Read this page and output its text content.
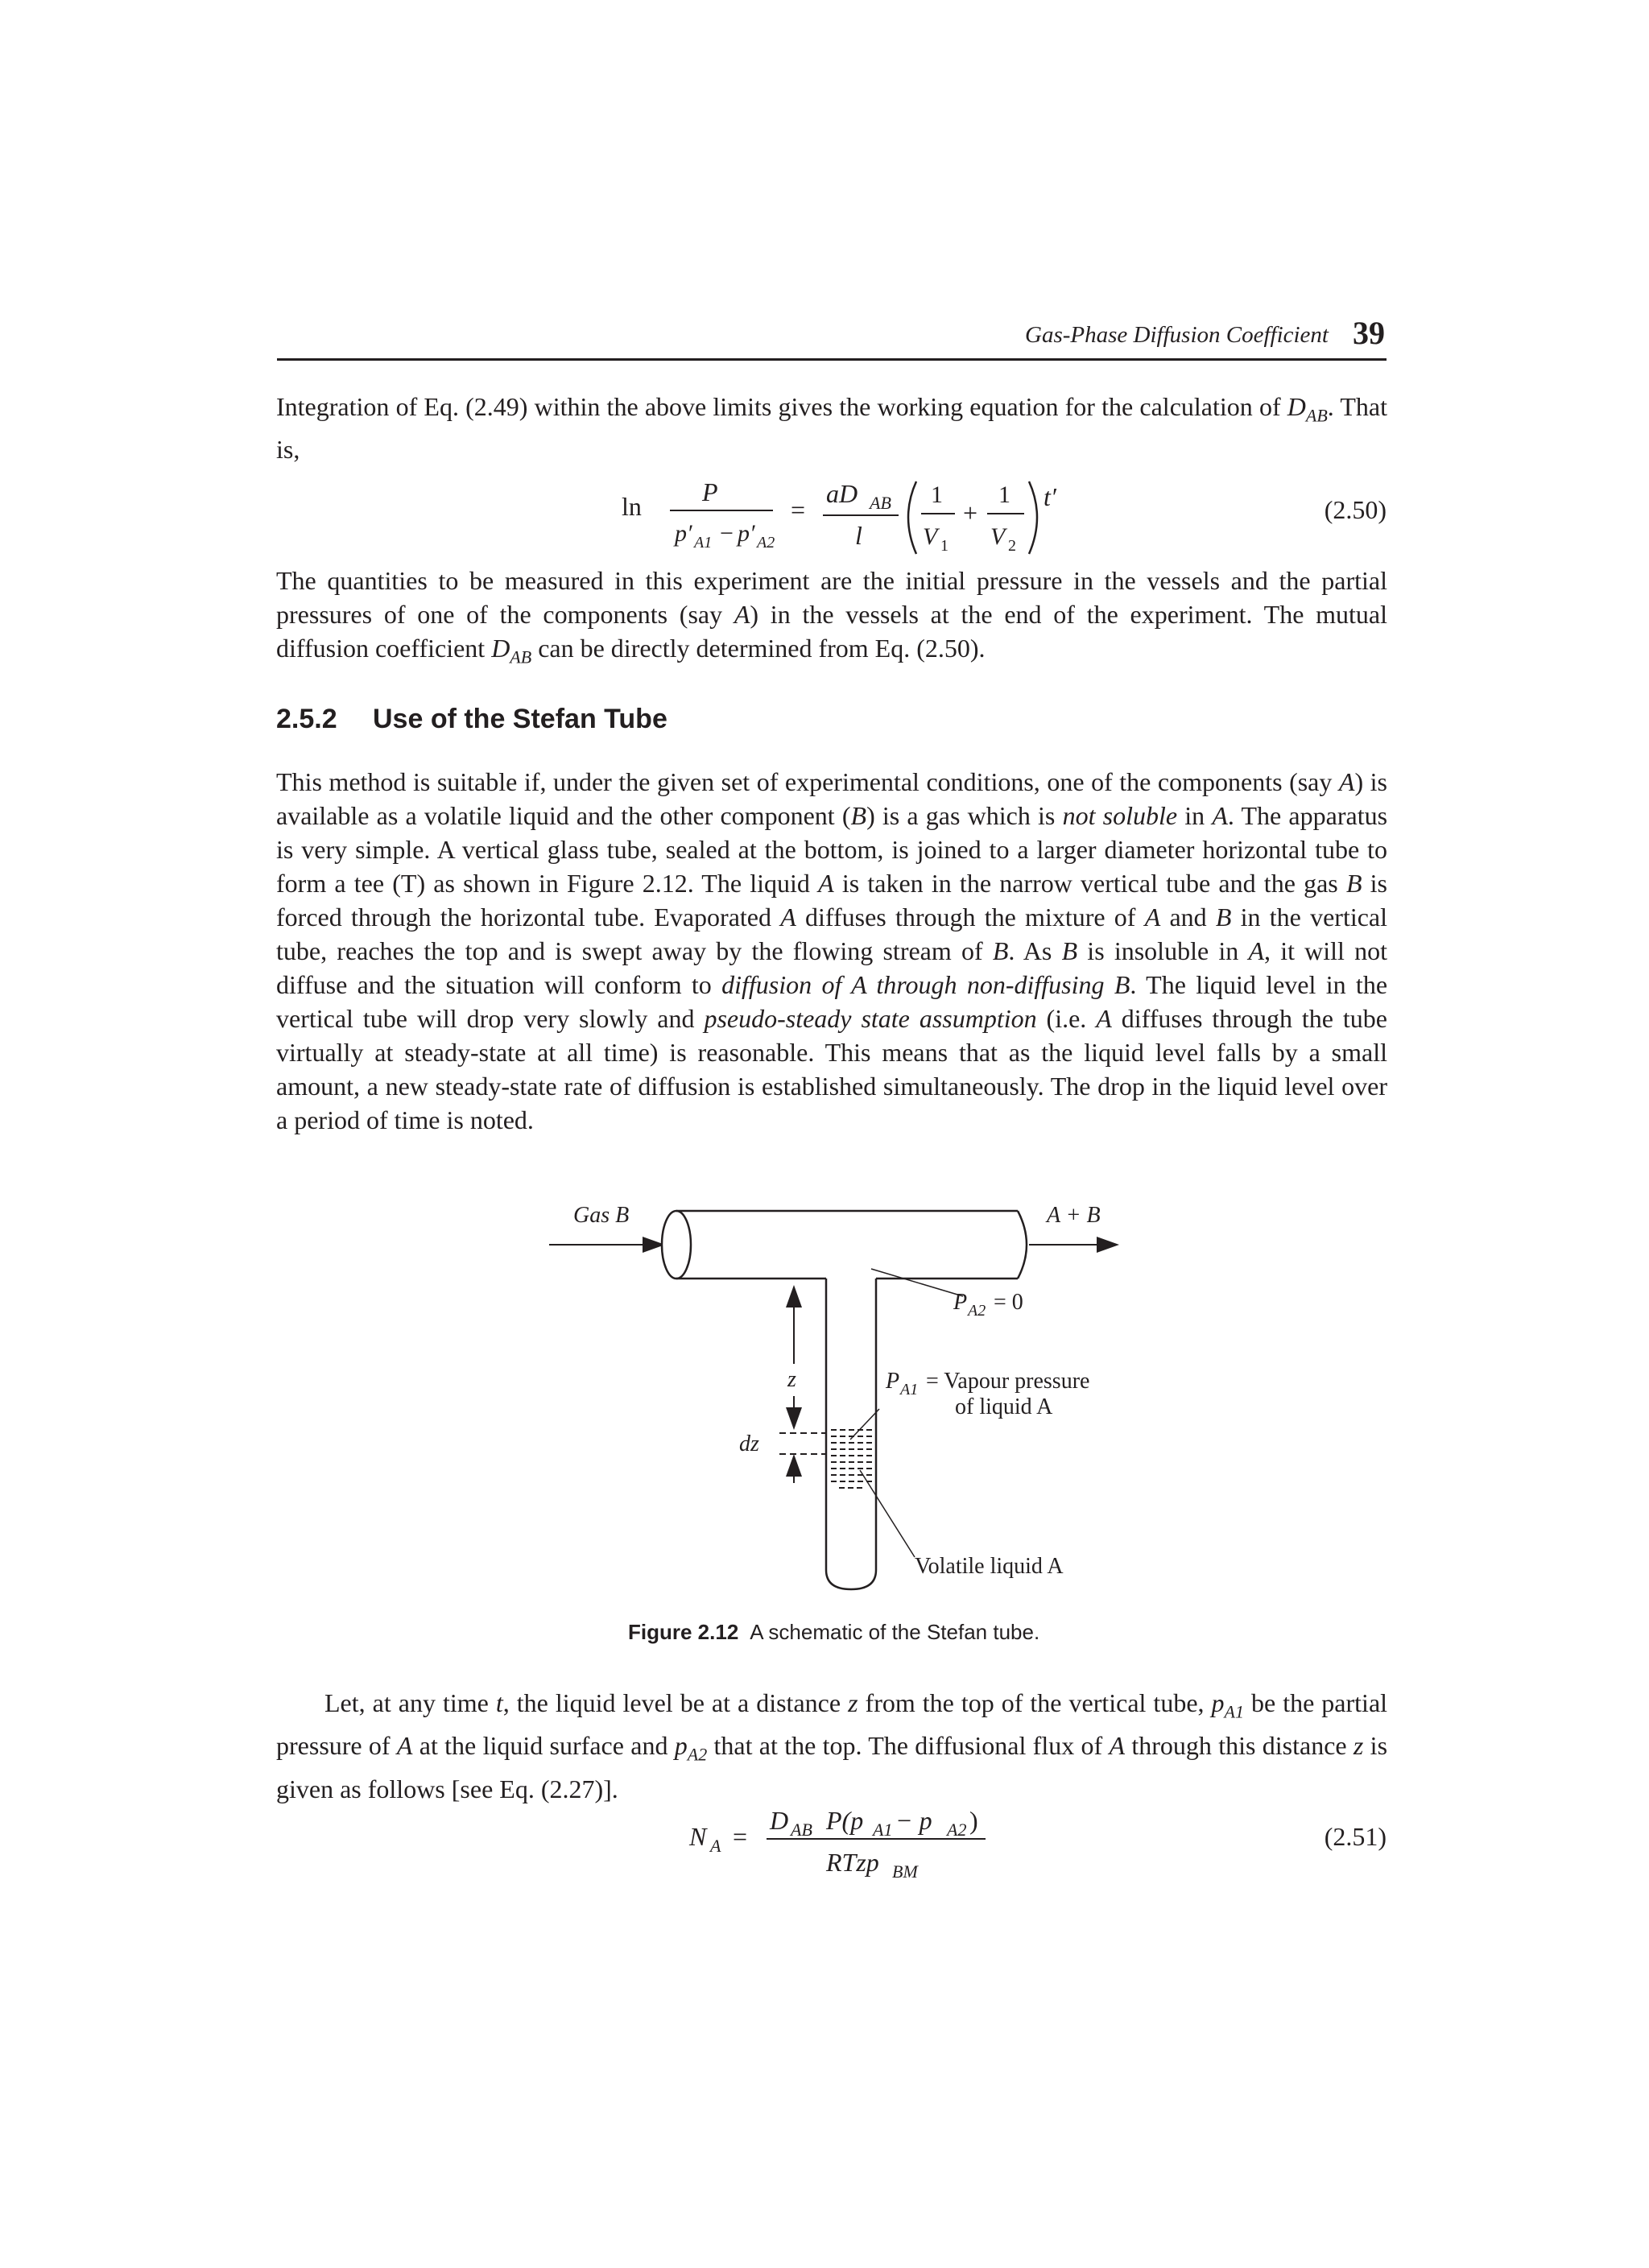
Gas-Phase Diffusion Coefficient 39

Integration of Eq. (2.49) within the above limits gives the working equation for the calculation of $D_{AB}$. That is,

ln P
p′ A1 − p′ A2
=
aD AB
l
1
V 1
+
1
V 2
t′	(2.50)

The quantities to be measured in this experiment are the initial pressure in the vessels and the partial pressures of one of the components (say A) in the vessels at the end of the experiment. The mutual diffusion coefficient $D_{AB}$ can be directly determined from Eq. (2.50).

2.5.2 Use of the Stefan Tube

This method is suitable if, under the given set of experimental conditions, one of the components (say A) is available as a volatile liquid and the other component (B) is a gas which is not soluble in A. The apparatus is very simple. A vertical glass tube, sealed at the bottom, is joined to a larger diameter horizontal tube to form a tee (T) as shown in Figure 2.12. The liquid A is taken in the narrow vertical tube and the gas B is forced through the horizontal tube. Evaporated A diffuses through the mixture of A and B in the vertical tube, reaches the top and is swept away by the flowing stream of B. As B is insoluble in A, it will not diffuse and the situation will conform to diffusion of A through non-diffusing B. The liquid level in the vertical tube will drop very slowly and pseudo-steady state assumption (i.e. A diffuses through the tube virtually at steady-state at all time) is reasonable. This means that as the liquid level falls by a small amount, a new steady-state rate of diffusion is established simultaneously. The drop in the liquid level over a period of time is noted.

Gas B	A + B
z
dz
P A2 = 0
P A1 = Vapour pressure
of liquid A
Volatile liquid A
Figure 2.12 A schematic of the Stefan tube.

Let, at any time t, the liquid level be at a distance z from the top of the vertical tube, $p_{A1}$ be the partial pressure of A at the liquid surface and $p_{A2}$ that at the top. The diffusional flux of A through this distance z is given as follows [see Eq. (2.27)].

N A =
D AB P(p A1 − p A2 )
RTzp BM
(2.51)
